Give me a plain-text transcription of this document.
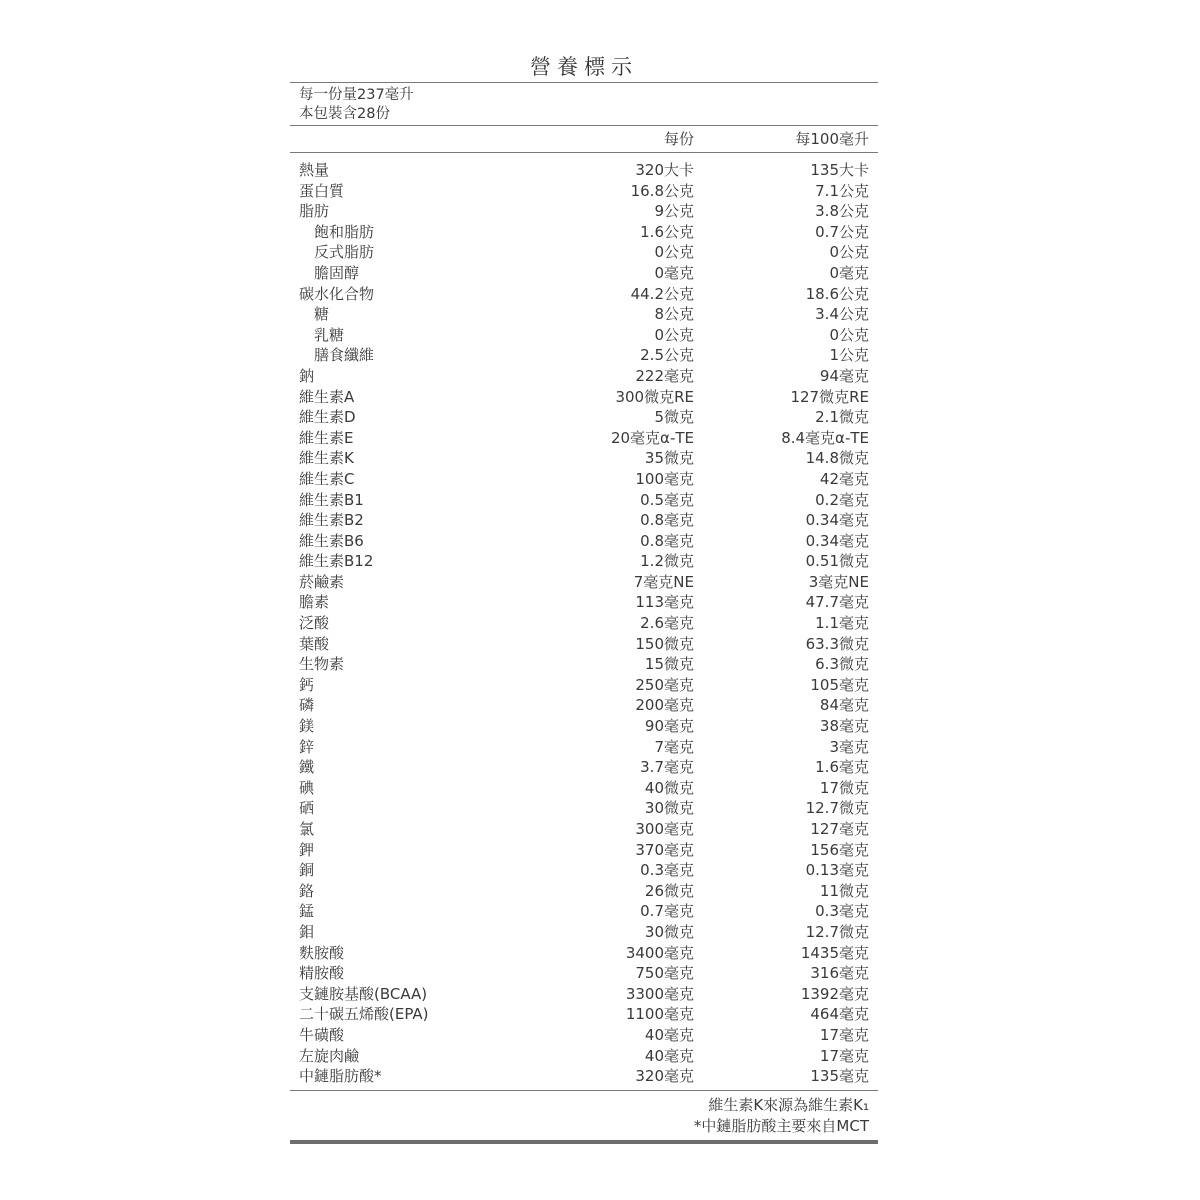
營養標示
每一份量237毫升
本包裝含28份
每份	每100毫升
熱量	320大卡	135大卡
蛋白質	16.8公克	7.1公克
脂肪	9公克	3.8公克
飽和脂肪	1.6公克	0.7公克
反式脂肪	0公克	0公克
膽固醇	0毫克	0毫克
碳水化合物	44.2公克	18.6公克
糖	8公克	3.4公克
乳糖	0公克	0公克
膳食纖維	2.5公克	1公克
鈉	222毫克	94毫克
維生素A	300微克RE	127微克RE
維生素D	5微克	2.1微克
維生素E	20毫克α-TE	8.4毫克α-TE
維生素K	35微克	14.8微克
維生素C	100毫克	42毫克
維生素B1	0.5毫克	0.2毫克
維生素B2	0.8毫克	0.34毫克
維生素B6	0.8毫克	0.34毫克
維生素B12	1.2微克	0.51微克
菸鹼素	7毫克NE	3毫克NE
膽素	113毫克	47.7毫克
泛酸	2.6毫克	1.1毫克
葉酸	150微克	63.3微克
生物素	15微克	6.3微克
鈣	250毫克	105毫克
磷	200毫克	84毫克
鎂	90毫克	38毫克
鋅	7毫克	3毫克
鐵	3.7毫克	1.6毫克
碘	40微克	17微克
硒	30微克	12.7微克
氯	300毫克	127毫克
鉀	370毫克	156毫克
銅	0.3毫克	0.13毫克
鉻	26微克	11微克
錳	0.7毫克	0.3毫克
鉬	30微克	12.7微克
麩胺酸	3400毫克	1435毫克
精胺酸	750毫克	316毫克
支鏈胺基酸(BCAA)	3300毫克	1392毫克
二十碳五烯酸(EPA)	1100毫克	464毫克
牛磺酸	40毫克	17毫克
左旋肉鹼	40毫克	17毫克
中鏈脂肪酸*	320毫克	135毫克
維生素K來源為維生素K₁
*中鏈脂肪酸主要來自MCT
